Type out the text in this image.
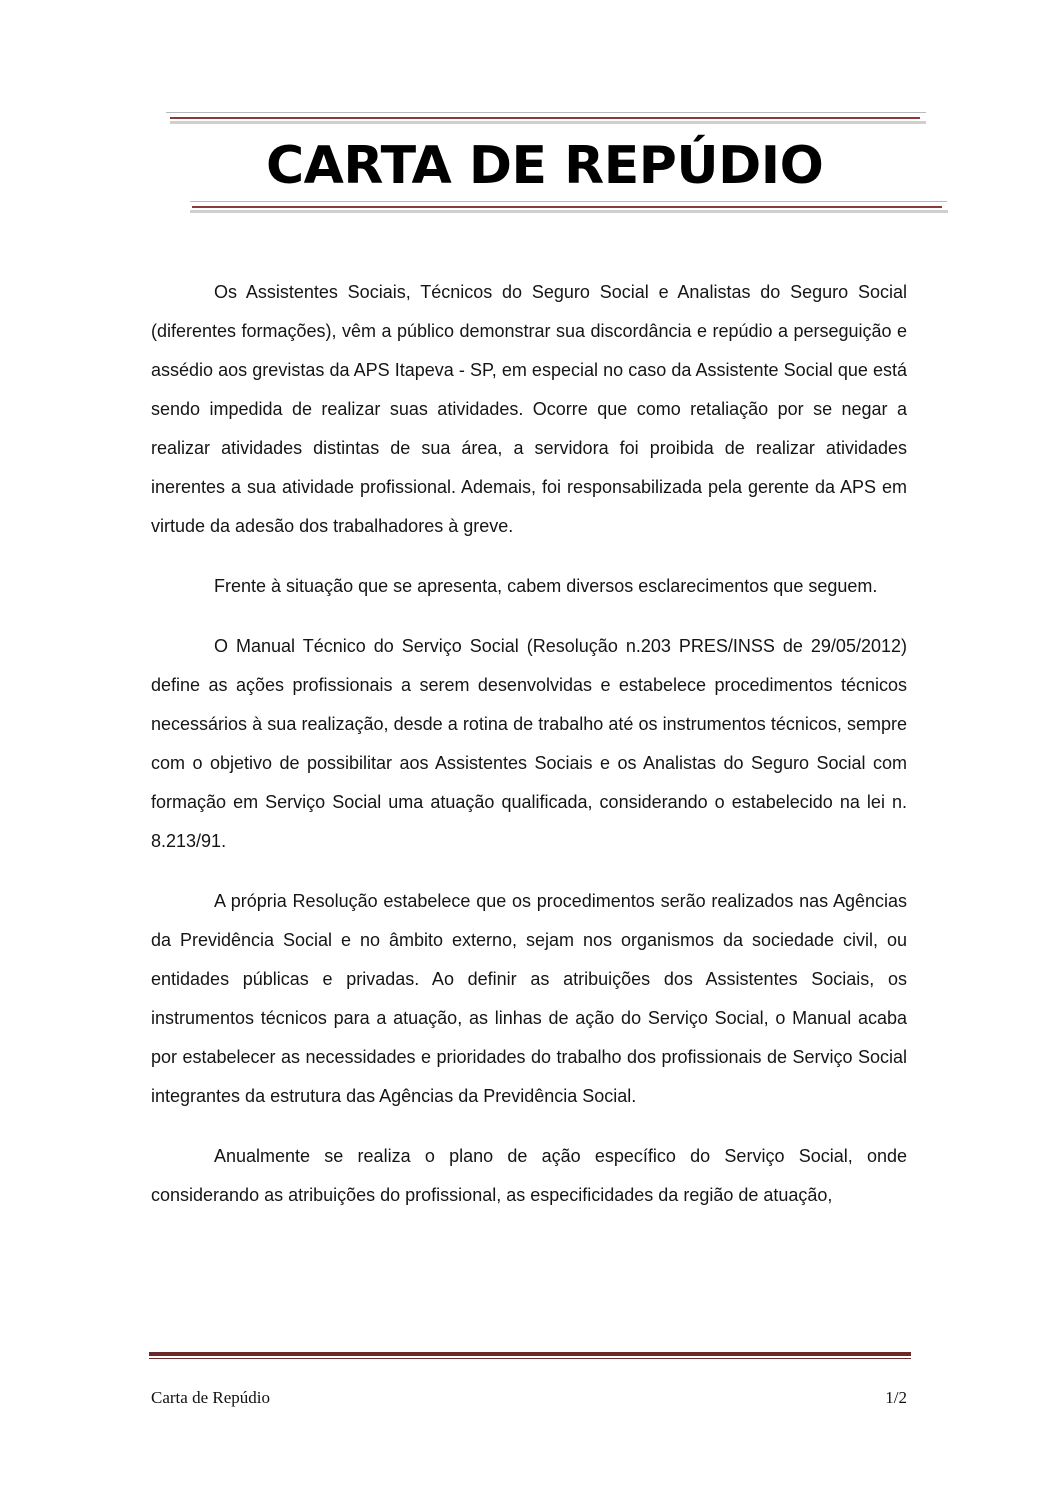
CARTA DE REPÚDIO

Os Assistentes Sociais, Técnicos do Seguro Social e Analistas do Seguro Social (diferentes formações), vêm a público demonstrar sua discordância e repúdio a perseguição e assédio aos grevistas da APS Itapeva - SP, em especial no caso da Assistente Social que está sendo impedida de realizar suas atividades. Ocorre que como retaliação por se negar a realizar atividades distintas de sua área, a servidora foi proibida de realizar atividades inerentes a sua atividade profissional. Ademais, foi responsabilizada pela gerente da APS em virtude da adesão dos trabalhadores à greve.

Frente à situação que se apresenta, cabem diversos esclarecimentos que seguem.

O Manual Técnico do Serviço Social (Resolução n.203 PRES/INSS de 29/05/2012) define as ações profissionais a serem desenvolvidas e estabelece procedimentos técnicos necessários à sua realização, desde a rotina de trabalho até os instrumentos técnicos, sempre com o objetivo de possibilitar aos Assistentes Sociais e os Analistas do Seguro Social com formação em Serviço Social uma atuação qualificada, considerando o estabelecido na lei n. 8.213/91.

A própria Resolução estabelece que os procedimentos serão realizados nas Agências da Previdência Social e no âmbito externo, sejam nos organismos da sociedade civil, ou entidades públicas e privadas. Ao definir as atribuições dos Assistentes Sociais, os instrumentos técnicos para a atuação, as linhas de ação do Serviço Social, o Manual acaba por estabelecer as necessidades e prioridades do trabalho dos profissionais de Serviço Social integrantes da estrutura das Agências da Previdência Social.

Anualmente se realiza o plano de ação específico do Serviço Social, onde considerando as atribuições do profissional, as especificidades da região de atuação,

Carta de Repúdio	1/2
